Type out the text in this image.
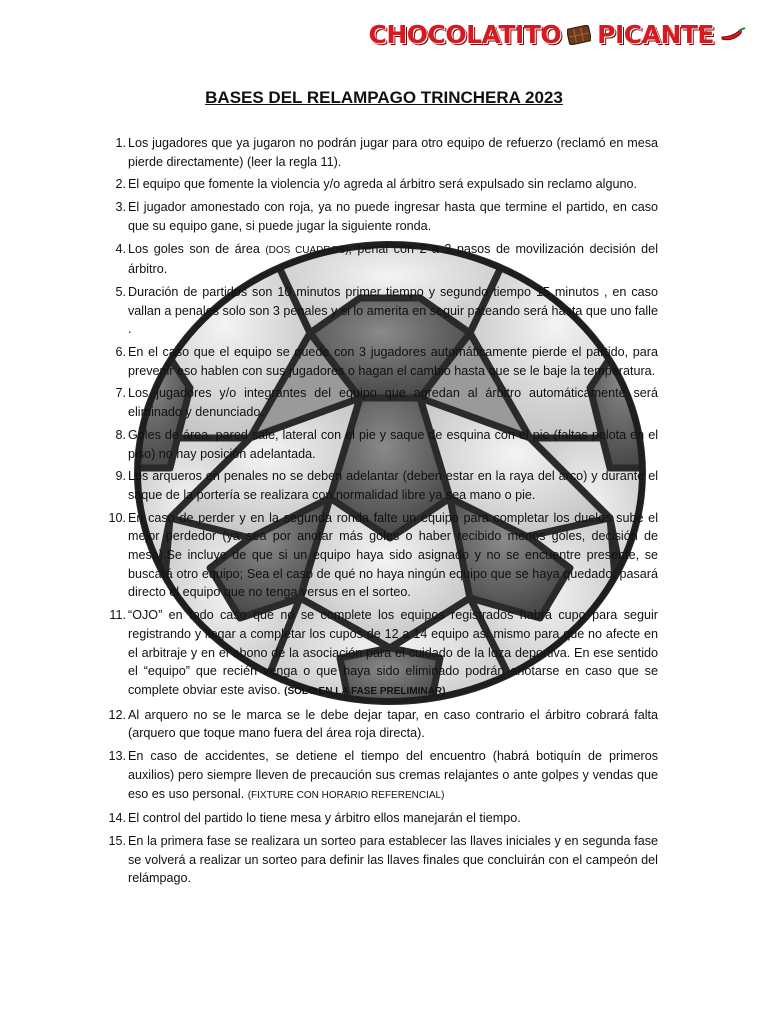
CHOCOLATITO PICANTE
BASES DEL RELAMPAGO TRINCHERA 2023
1. Los jugadores que ya jugaron no podrán jugar para otro equipo de refuerzo (reclamó en mesa pierde directamente) (leer la regla 11).
2. El equipo que fomente la violencia y/o agreda al árbitro será expulsado sin reclamo alguno.
3. El jugador amonestado con roja, ya no puede ingresar hasta que termine el partido, en caso que su equipo gane, si puede jugar la siguiente ronda.
4. Los goles son de área (DOS CUADROS), penal con 2 a 3 pasos de movilización decisión del árbitro.
5. Duración de partidos son 10 minutos primer tiempo y segundo tiempo 15 minutos , en caso vallan a penales solo son 3 penales y si lo amerita en seguir pateando será hasta que uno falle .
6. En el caso que el equipo se quede con 3 jugadores automáticamente pierde el partido, para prevenir eso hablen con sus jugadores o hagan el cambio hasta que se le baje la temperatura.
7. Los jugadores y/o integrantes del equipo que agredan al árbitro automáticamente será eliminado y denunciado.
8. Goles de área, pared sale, lateral con el pie y saque de esquina con el pie (faltas pelota en el piso) no hay posición adelantada.
9. Los arqueros en penales no se deben adelantar (deben estar en la raya del arco) y durante el saque de la portería se realizara con normalidad libre ya sea mano o pie.
10. En caso de perder y en la segunda ronda falte un equipo para completar los duelos sube el mejor perdedor (ya sea por anotar más goles o haber recibido menos goles, decisión de mesa).Se incluye de que si un equipo haya sido asignado y no se encuentre presente, se buscará otro equipo; Sea el caso de qué no haya ningún equipo que se haya quedado, pasará directo el equipo que no tenga versus en el sorteo.
11. “OJO” en todo caso que no se complete los equipos registrados habrá cupo para seguir registrando y llegar a completar los cupos de 12 a 14 equipo así mismo para que no afecte en el arbitraje y en el abono de la asociación para el cuidado de la loza deportiva. En ese sentido el “equipo” que recién venga o que haya sido eliminado podrán anotarse en caso que se complete obviar este aviso. (SOLO EN LA FASE PRELIMINAR)
12. Al arquero no se le marca se le debe dejar tapar, en caso contrario el árbitro cobrará falta (arquero que toque mano fuera del área roja directa).
13. En caso de accidentes, se detiene el tiempo del encuentro (habrá botiquín de primeros auxilios) pero siempre lleven de precaución sus cremas relajantes o ante golpes y vendas que eso es uso personal. (FIXTURE CON HORARIO REFERENCIAL)
14. El control del partido lo tiene mesa y árbitro ellos manejarán el tiempo.
15. En la primera fase se realizara un sorteo para establecer las llaves iniciales y en segunda fase se volverá a realizar un sorteo para definir las llaves finales que concluirán con el campeón del relámpago.
